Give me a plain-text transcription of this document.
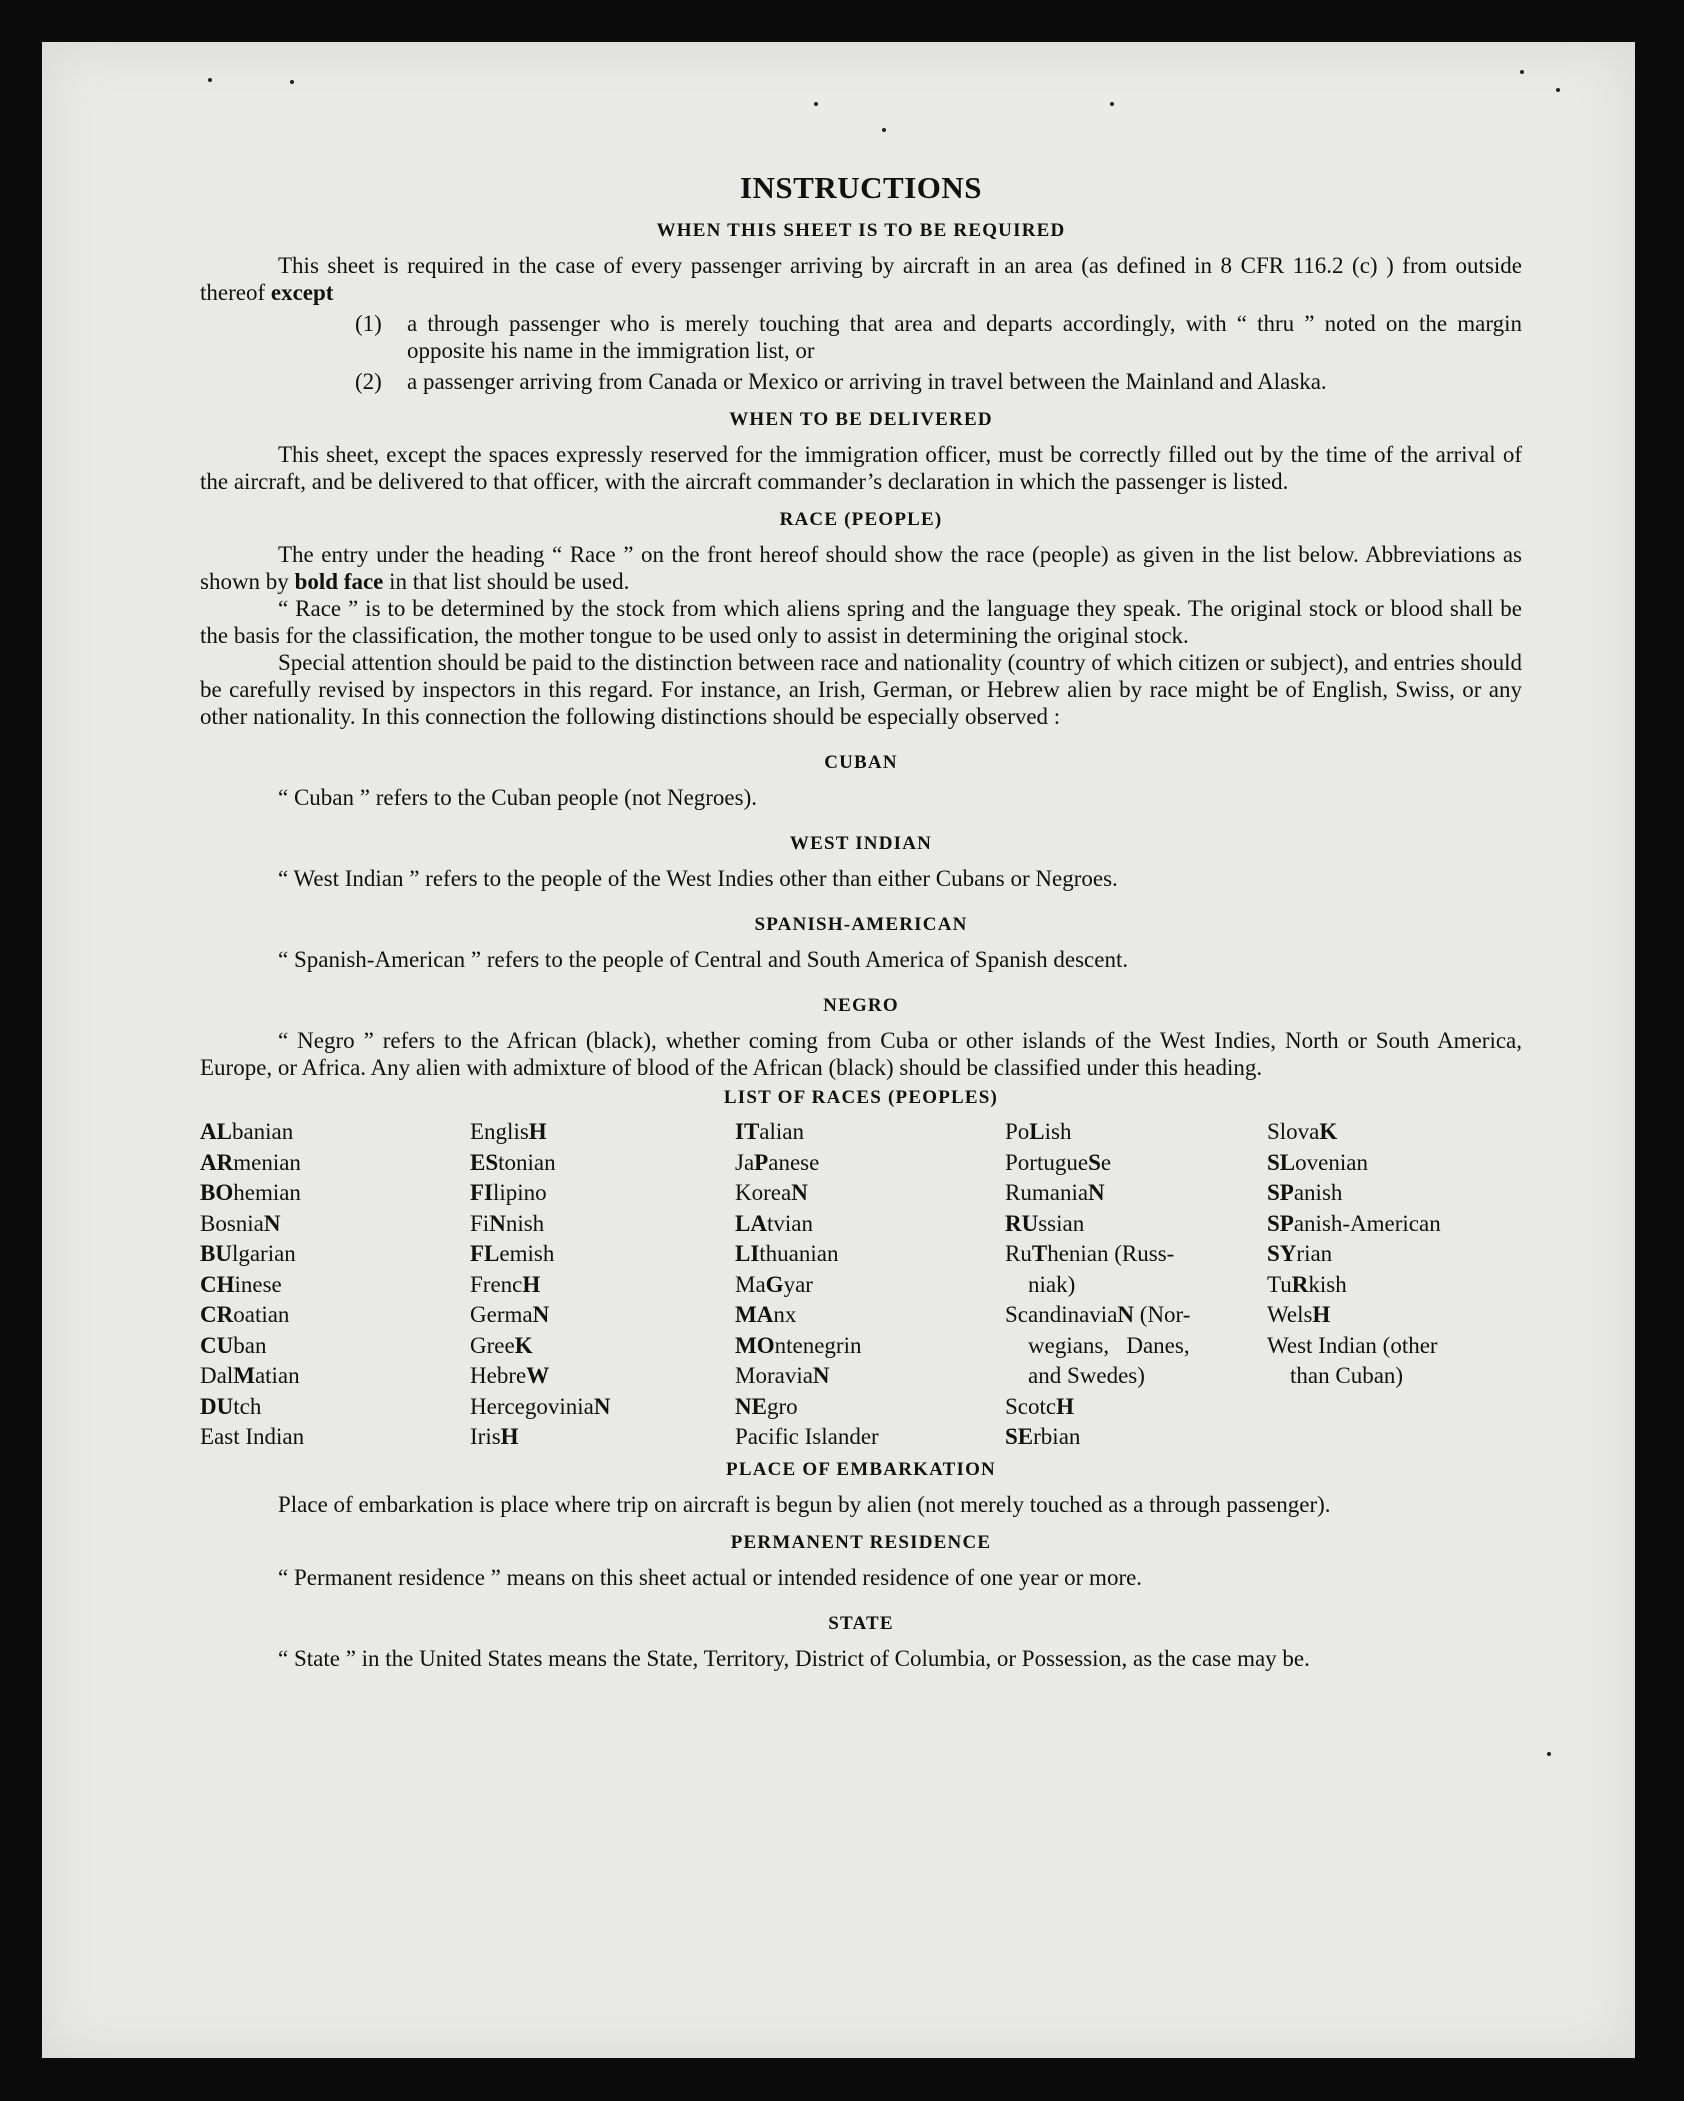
INSTRUCTIONS
WHEN THIS SHEET IS TO BE REQUIRED

This sheet is required in the case of every passenger arriving by aircraft in an area (as defined in 8 CFR 116.2 (c) ) from outside thereof except

(1)	a through passenger who is merely touching that area and departs accordingly, with “ thru ” noted on the margin opposite his name in the immigration list, or
(2)	a passenger arriving from Canada or Mexico or arriving in travel between the Mainland and Alaska.
WHEN TO BE DELIVERED

This sheet, except the spaces expressly reserved for the immigration officer, must be correctly filled out by the time of the arrival of the aircraft, and be delivered to that officer, with the aircraft commander’s declaration in which the passenger is listed.

RACE (PEOPLE)

The entry under the heading “ Race ” on the front hereof should show the race (people) as given in the list below. Abbreviations as shown by bold face in that list should be used.

“ Race ” is to be determined by the stock from which aliens spring and the language they speak. The original stock or blood shall be the basis for the classification, the mother tongue to be used only to assist in determining the original stock.

Special attention should be paid to the distinction between race and nationality (country of which citizen or subject), and entries should be carefully revised by inspectors in this regard. For instance, an Irish, German, or Hebrew alien by race might be of English, Swiss, or any other nationality. In this connection the following distinctions should be especially observed :

CUBAN

“ Cuban ” refers to the Cuban people (not Negroes).

WEST INDIAN

“ West Indian ” refers to the people of the West Indies other than either Cubans or Negroes.

SPANISH-AMERICAN

“ Spanish-American ” refers to the people of Central and South America of Spanish descent.

NEGRO

“ Negro ” refers to the African (black), whether coming from Cuba or other islands of the West Indies, North or South America, Europe, or Africa. Any alien with admixture of blood of the African (black) should be classified under this heading.

LIST OF RACES (PEOPLES)
ALbanian
ARmenian
BOhemian
BosniaN
BUlgarian
CHinese
CRoatian
CUban
DalMatian
DUtch
East Indian
EnglisH
EStonian
FIlipino
FiNnish
FLemish
FrencH
GermaN
GreeK
HebreW
HercegoviniaN
IrisH
ITalian
JaPanese
KoreaN
LAtvian
LIthuanian
MaGyar
MAnx
MOntenegrin
MoraviaN
NEgro
Pacific Islander
PoLish
PortugueSe
RumaniaN
RUssian
RuThenian (Russ-
niak)
ScandinaviaN (Nor-
wegians,   Danes,
and Swedes)
ScotcH
SErbian
SlovaK
SLovenian
SPanish
SPanish-American
SYrian
TuRkish
WelsH
West Indian (other
than Cuban)
PLACE OF EMBARKATION

Place of embarkation is place where trip on aircraft is begun by alien (not merely touched as a through passenger).

PERMANENT RESIDENCE

“ Permanent residence ” means on this sheet actual or intended residence of one year or more.

STATE

“ State ” in the United States means the State, Territory, District of Columbia, or Possession, as the case may be.
